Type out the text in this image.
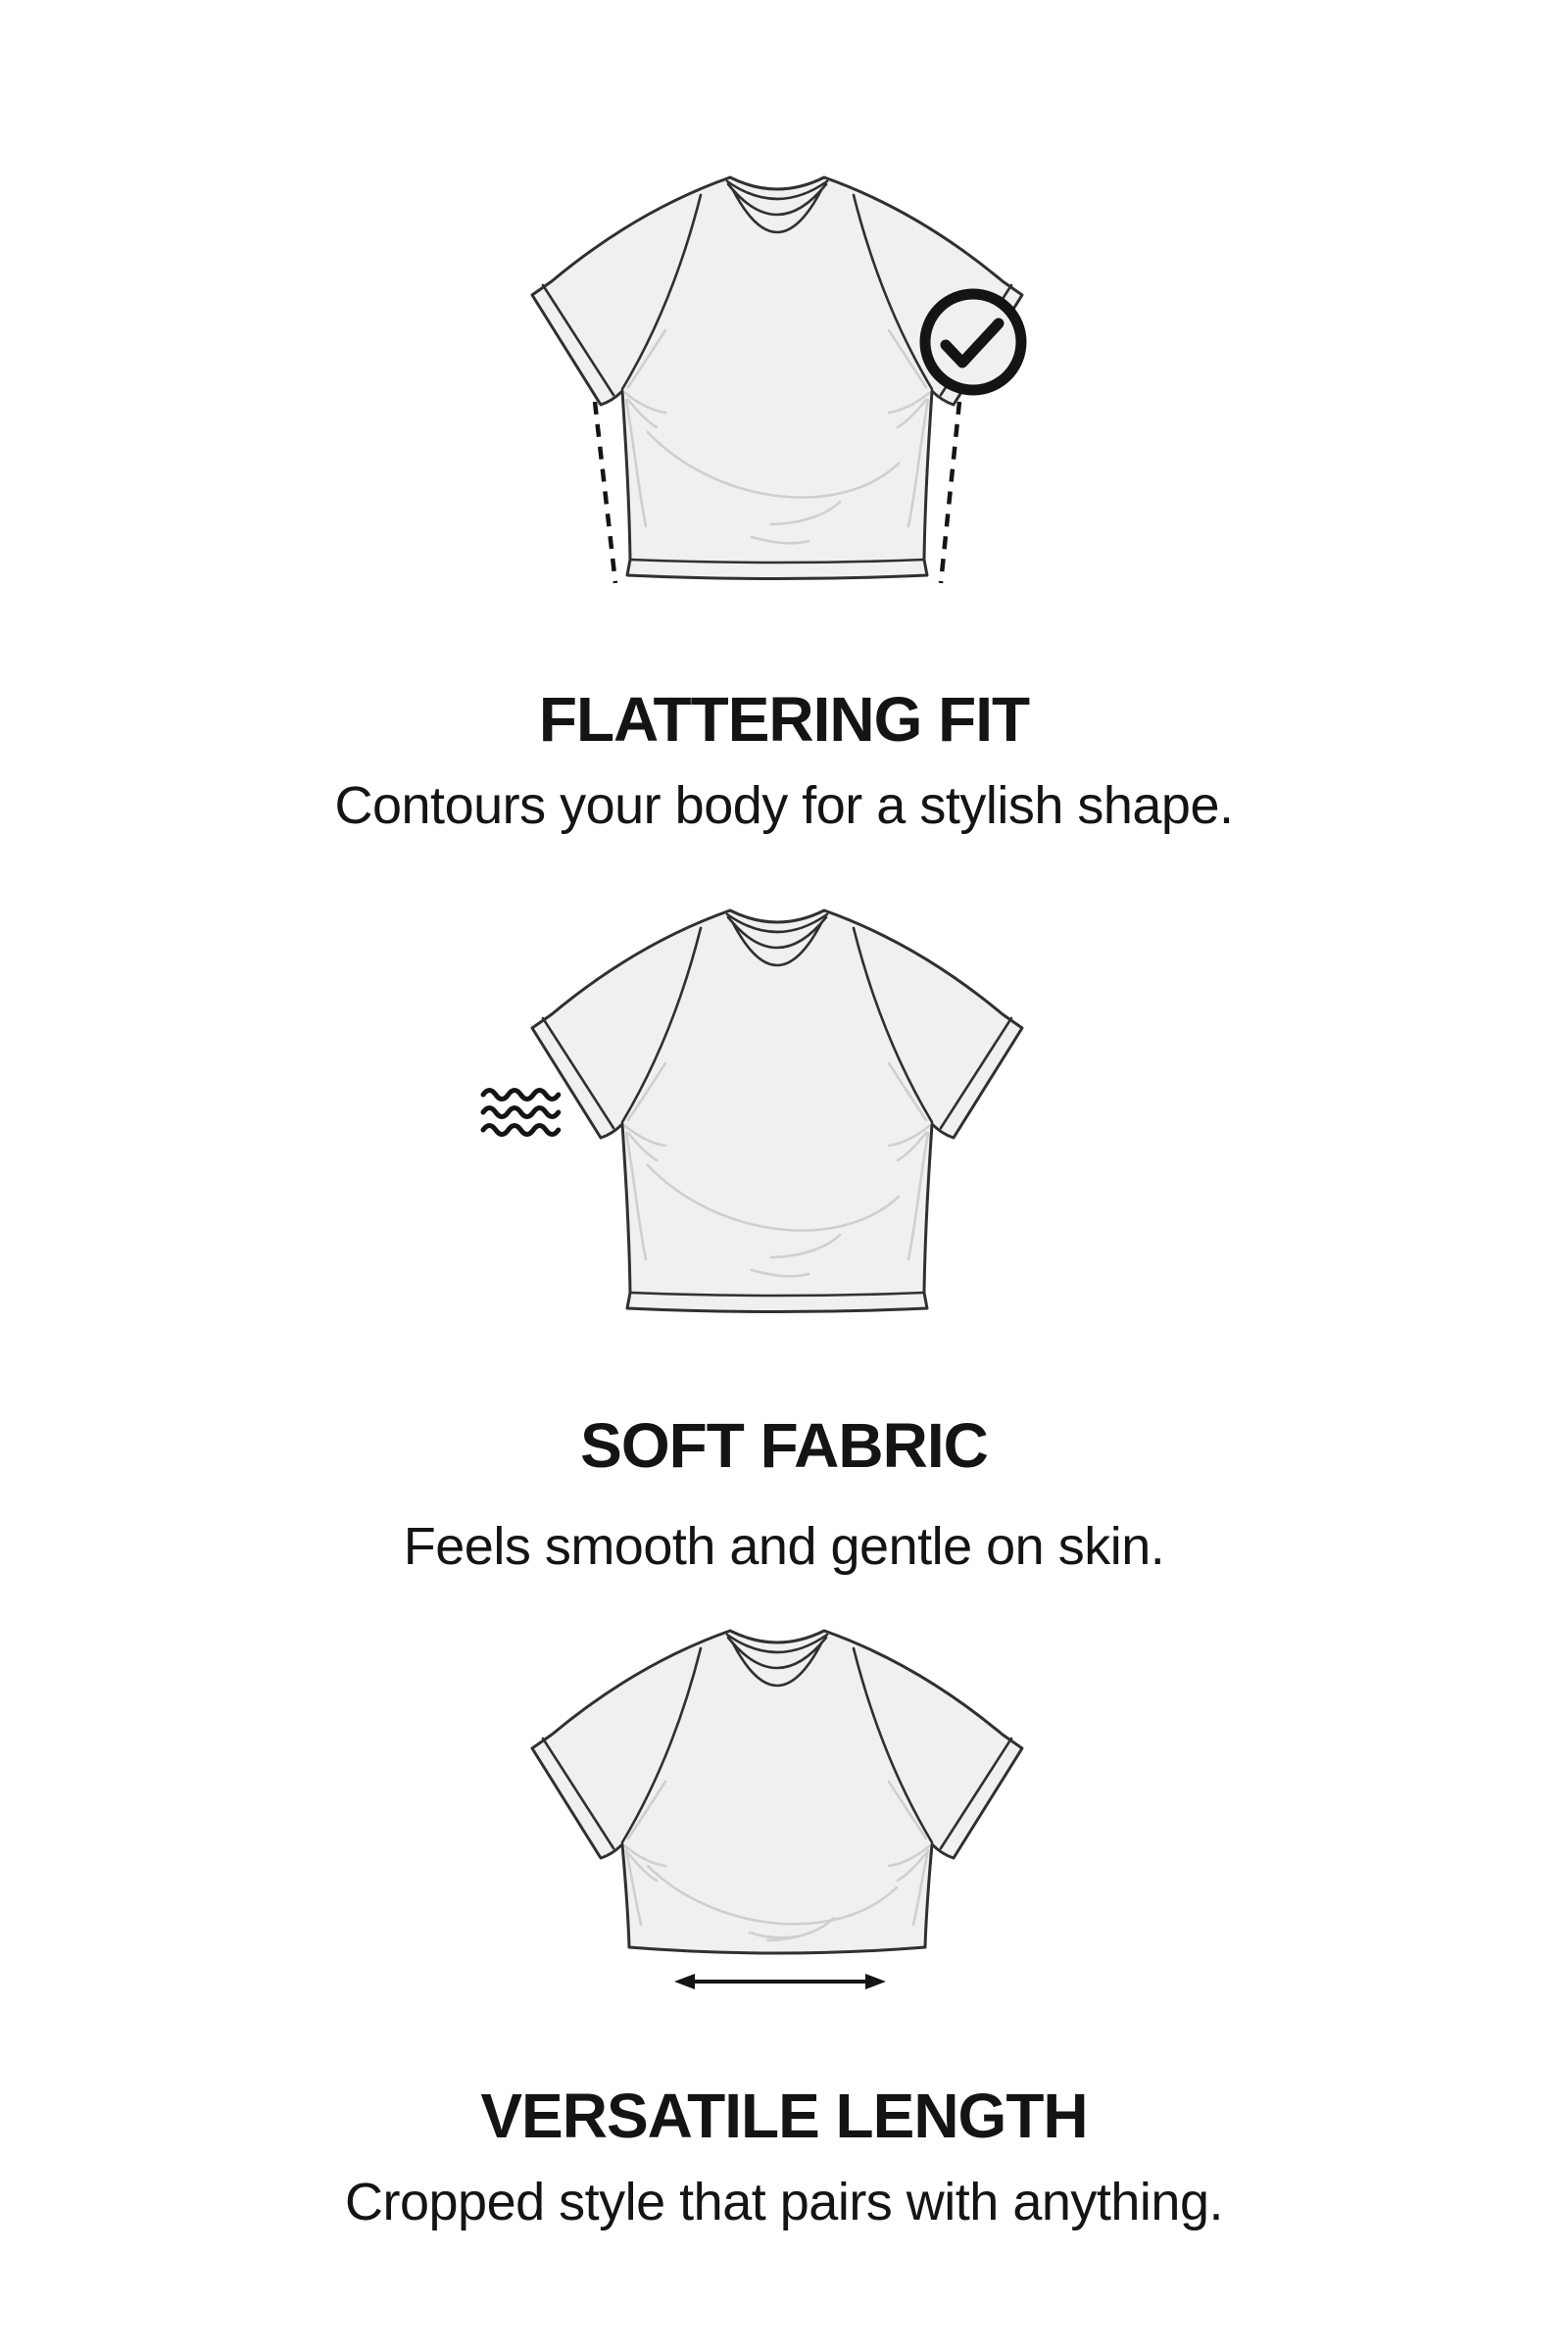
FLATTERING FIT

Contours your body for a stylish shape.

SOFT FABRIC

Feels smooth and gentle on skin.

VERSATILE LENGTH

Cropped style that pairs with anything.
